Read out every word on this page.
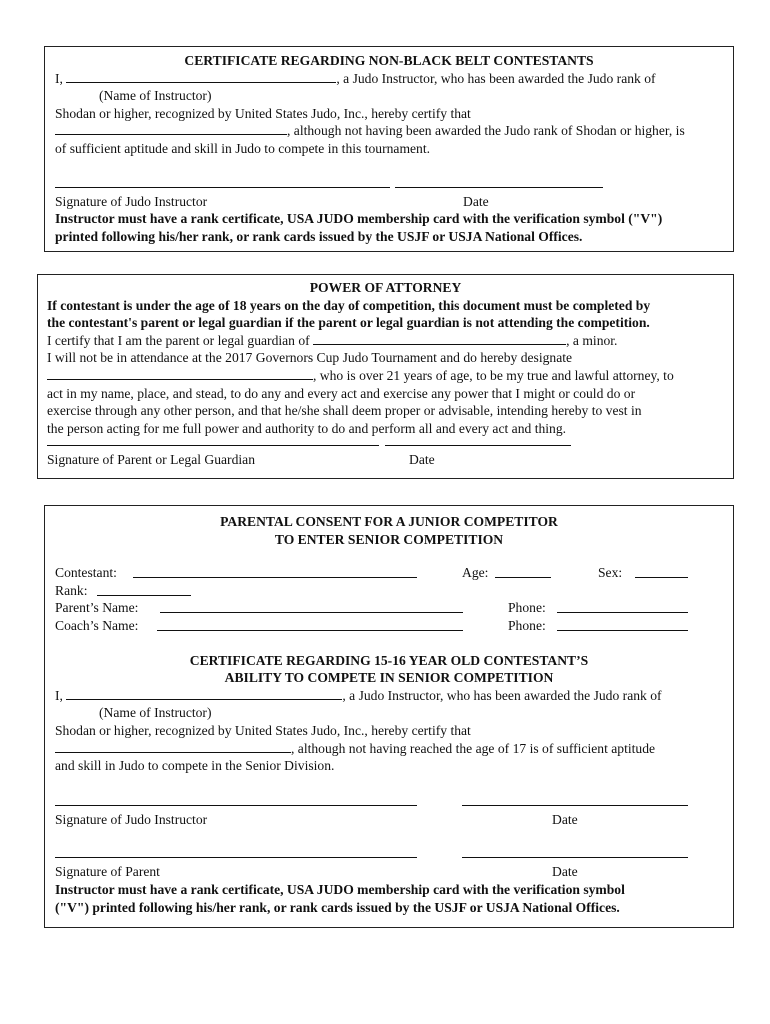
CERTIFICATE REGARDING NON-BLACK BELT CONTESTANTS
I,	, a Judo Instructor, who has been awarded the Judo rank of
(Name of Instructor)
Shodan or higher, recognized by United States Judo, Inc., hereby certify that
, although not having been awarded the Judo rank of Shodan or higher, is
of sufficient aptitude and skill in Judo to compete in this tournament.
Signature of Judo Instructor	Date
Instructor must have a rank certificate, USA JUDO membership card with the verification symbol ("V")
printed following his/her rank, or rank cards issued by the USJF or USJA National Offices.
POWER OF ATTORNEY
If contestant is under the age of 18 years on the day of competition, this document must be completed by
the contestant's parent or legal guardian if the parent or legal guardian is not attending the competition.
I certify that I am the parent or legal guardian of	, a minor.
I will not be in attendance at the 2017 Governors Cup Judo Tournament and do hereby designate
, who is over 21 years of age, to be my true and lawful attorney, to
act in my name, place, and stead, to do any and every act and exercise any power that I might or could do or
exercise through any other person, and that he/she shall deem proper or advisable, intending hereby to vest in
the person acting for me full power and authority to do and perform all and every act and thing.
Signature of Parent or Legal Guardian	Date
PARENTAL CONSENT FOR A JUNIOR COMPETITOR
TO ENTER SENIOR COMPETITION
Contestant:	Age:	Sex:
Rank:
Parent’s Name:	Phone:
Coach’s Name:	Phone:
CERTIFICATE REGARDING 15-16 YEAR OLD CONTESTANT’S
ABILITY TO COMPETE IN SENIOR COMPETITION
I,	, a Judo Instructor, who has been awarded the Judo rank of
(Name of Instructor)
Shodan or higher, recognized by United States Judo, Inc., hereby certify that
, although not having reached the age of 17 is of sufficient aptitude
and skill in Judo to compete in the Senior Division.
Signature of Judo Instructor	Date
Signature of Parent	Date
Instructor must have a rank certificate, USA JUDO membership card with the verification symbol
("V") printed following his/her rank, or rank cards issued by the USJF or USJA National Offices.
